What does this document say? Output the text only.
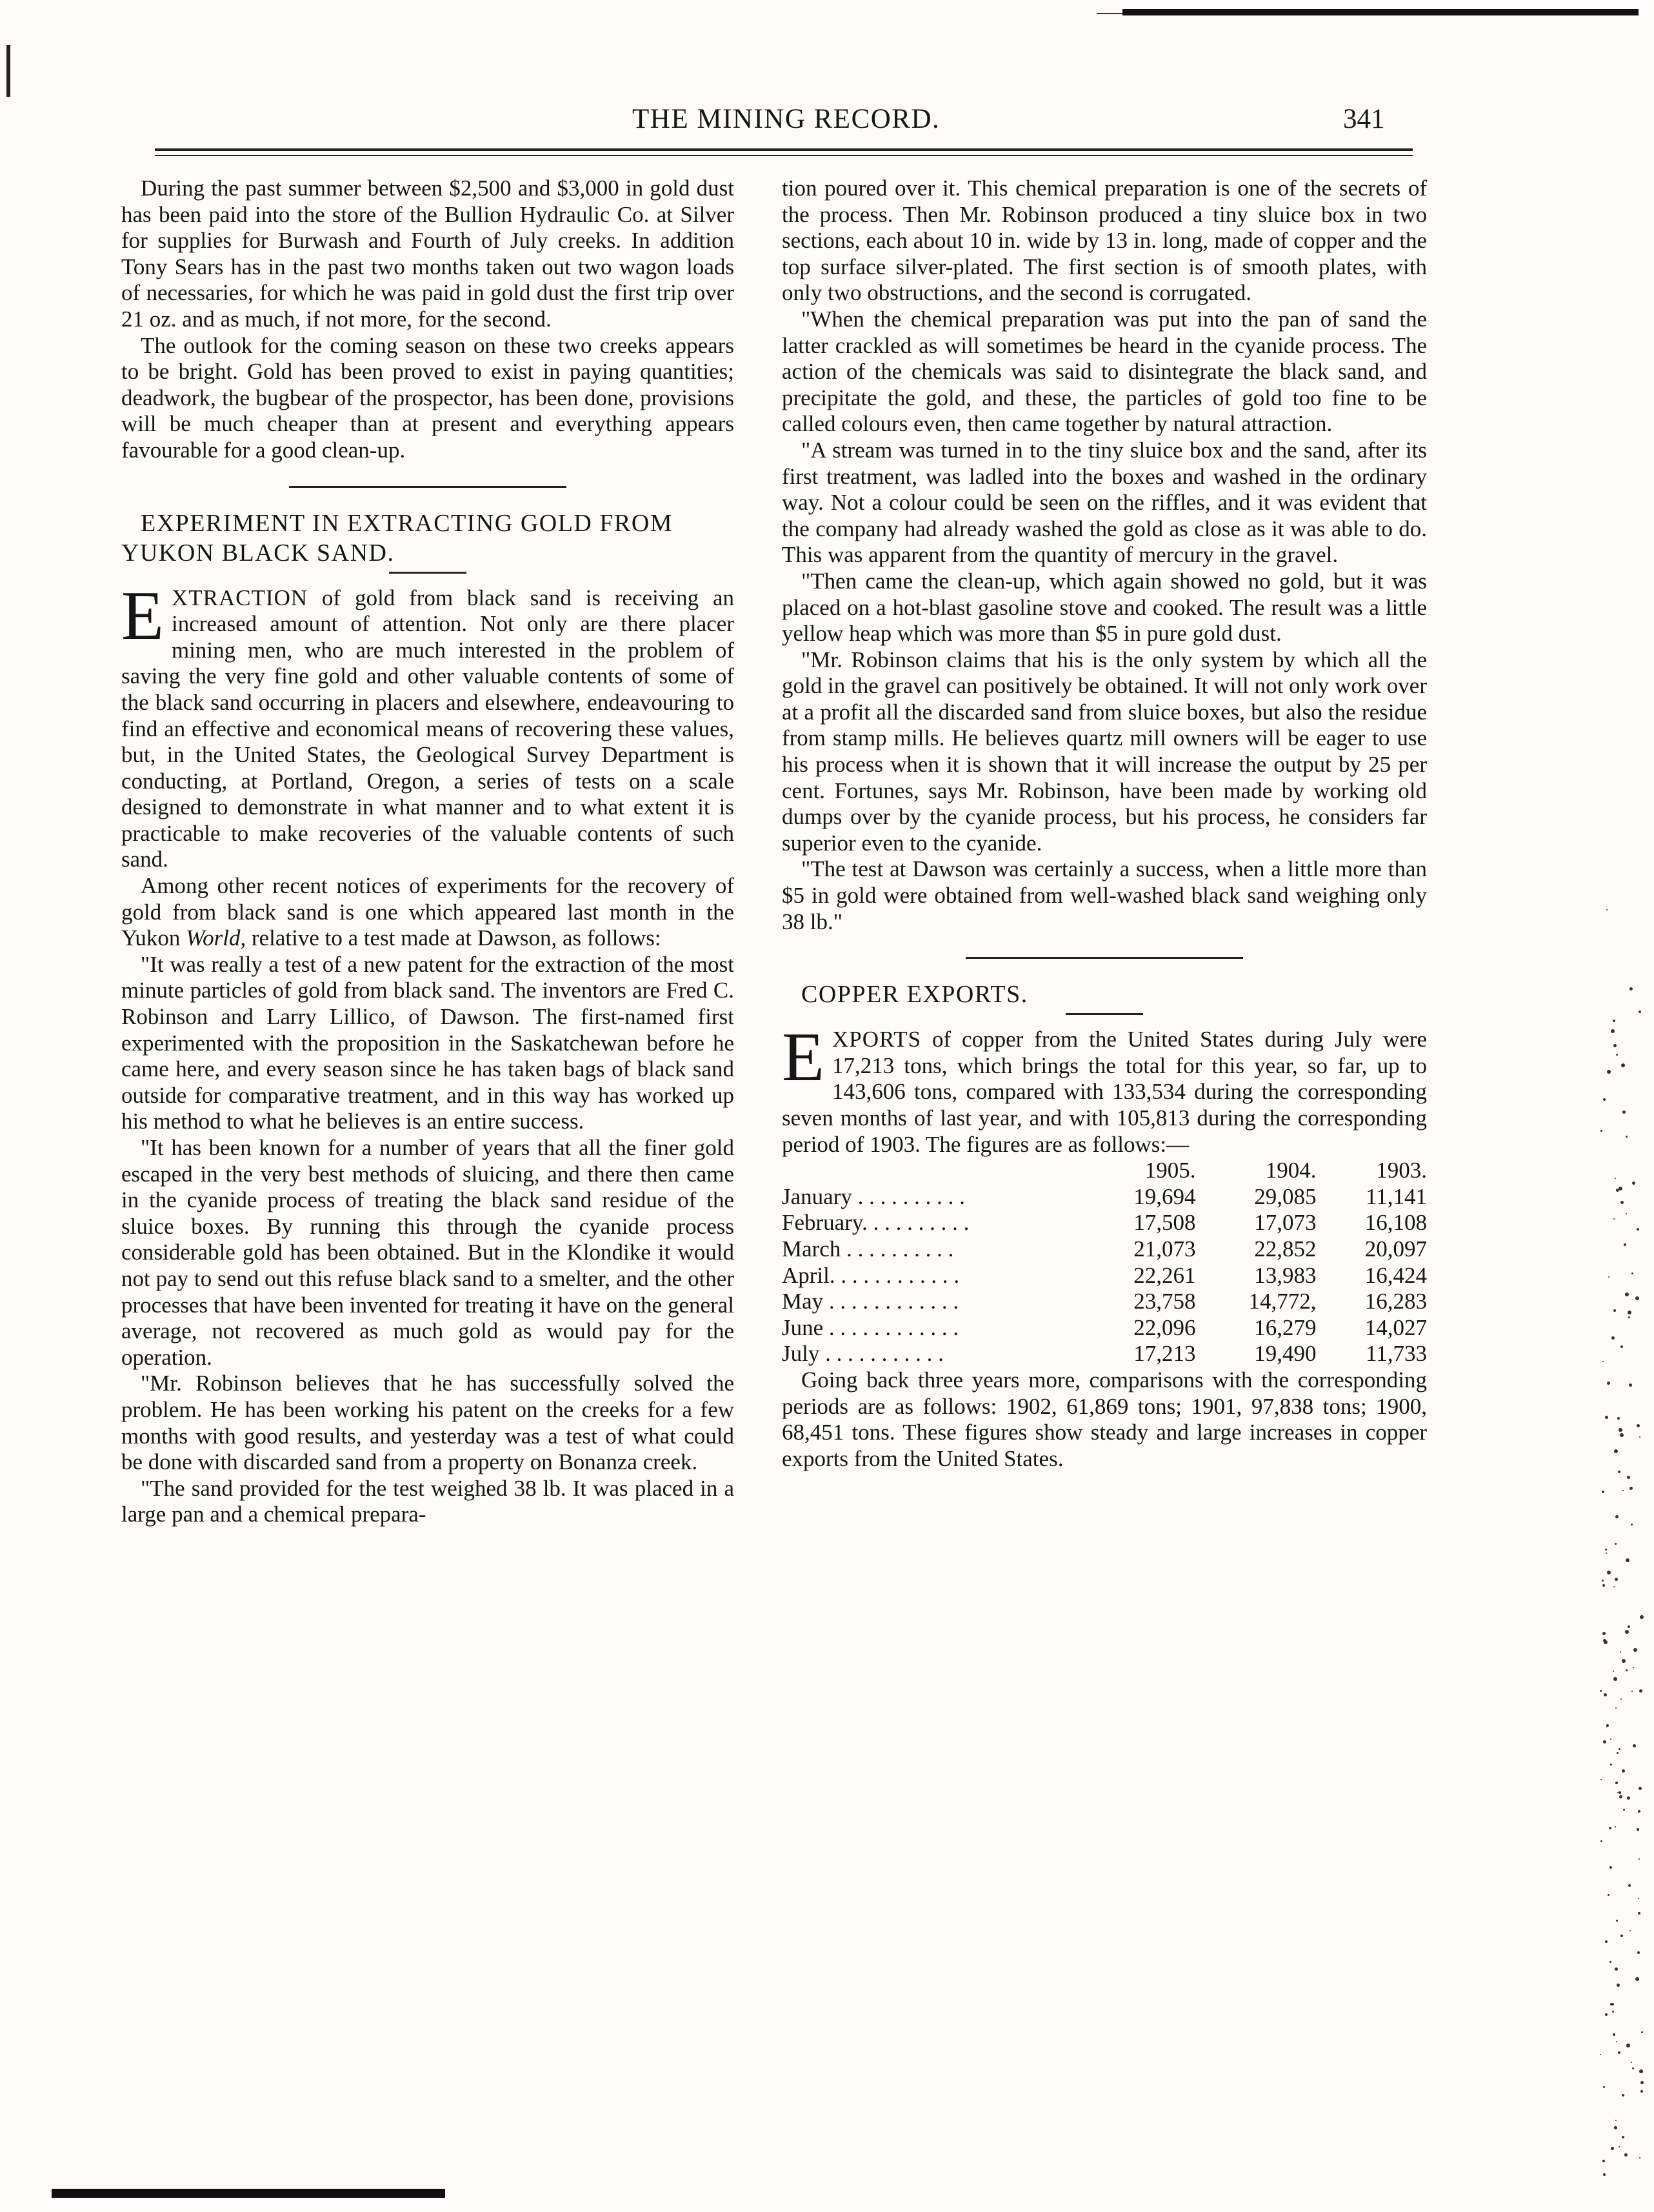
THE MINING RECORD.	341

During the past summer between $2,500 and $3,000 in gold dust has been paid into the store of the Bullion Hydraulic Co. at Silver for supplies for Burwash and Fourth of July creeks. In addition Tony Sears has in the past two months taken out two wagon loads of necessaries, for which he was paid in gold dust the first trip over 21 oz. and as much, if not more, for the second.

The outlook for the coming season on these two creeks appears to be bright. Gold has been proved to exist in paying quantities; deadwork, the bugbear of the prospector, has been done, provisions will be much cheaper than at present and everything appears favourable for a good clean-up.

EXPERIMENT IN EXTRACTING GOLD FROM
YUKON BLACK SAND.

EXTRACTION of gold from black sand is receiving an increased amount of attention. Not only are there placer mining men, who are much interested in the problem of saving the very fine gold and other valuable contents of some of the black sand occurring in placers and elsewhere, endeavouring to find an effective and economical means of recovering these values, but, in the United States, the Geological Survey Department is conducting, at Portland, Oregon, a series of tests on a scale designed to demonstrate in what manner and to what extent it is practicable to make recoveries of the valuable contents of such sand.

Among other recent notices of experiments for the recovery of gold from black sand is one which appeared last month in the Yukon World, relative to a test made at Dawson, as follows:

"It was really a test of a new patent for the extraction of the most minute particles of gold from black sand. The inventors are Fred C. Robinson and Larry Lillico, of Dawson. The first-named first experimented with the proposition in the Saskatchewan before he came here, and every season since he has taken bags of black sand outside for comparative treatment, and in this way has worked up his method to what he believes is an entire success.

"It has been known for a number of years that all the finer gold escaped in the very best methods of sluicing, and there then came in the cyanide process of treating the black sand residue of the sluice boxes. By running this through the cyanide process considerable gold has been obtained. But in the Klondike it would not pay to send out this refuse black sand to a smelter, and the other processes that have been invented for treating it have on the general average, not recovered as much gold as would pay for the operation.

"Mr. Robinson believes that he has successfully solved the problem. He has been working his patent on the creeks for a few months with good results, and yesterday was a test of what could be done with discarded sand from a property on Bonanza creek.

"The sand provided for the test weighed 38 lb. It was placed in a large pan and a chemical prepara-

tion poured over it. This chemical preparation is one of the secrets of the process. Then Mr. Robinson produced a tiny sluice box in two sections, each about 10 in. wide by 13 in. long, made of copper and the top surface silver-plated. The first section is of smooth plates, with only two obstructions, and the second is corrugated.

"When the chemical preparation was put into the pan of sand the latter crackled as will sometimes be heard in the cyanide process. The action of the chemicals was said to disintegrate the black sand, and precipitate the gold, and these, the particles of gold too fine to be called colours even, then came together by natural attraction.

"A stream was turned in to the tiny sluice box and the sand, after its first treatment, was ladled into the boxes and washed in the ordinary way. Not a colour could be seen on the riffles, and it was evident that the company had already washed the gold as close as it was able to do. This was apparent from the quantity of mercury in the gravel.

"Then came the clean-up, which again showed no gold, but it was placed on a hot-blast gasoline stove and cooked. The result was a little yellow heap which was more than $5 in pure gold dust.

"Mr. Robinson claims that his is the only system by which all the gold in the gravel can positively be obtained. It will not only work over at a profit all the discarded sand from sluice boxes, but also the residue from stamp mills. He believes quartz mill owners will be eager to use his process when it is shown that it will increase the output by 25 per cent. Fortunes, says Mr. Robinson, have been made by working old dumps over by the cyanide process, but his process, he considers far superior even to the cyanide.

"The test at Dawson was certainly a success, when a little more than $5 in gold were obtained from well-washed black sand weighing only 38 lb."

COPPER EXPORTS.

EXPORTS of copper from the United States during July were 17,213 tons, which brings the total for this year, so far, up to 143,606 tons, compared with 133,534 during the corresponding seven months of last year, and with 105,813 during the corresponding period of 1903. The figures are as follows:—

	1905.	1904.	1903.
January . . . . . . . . . .	19,694	29,085	11,141
February. . . . . . . . . .	17,508	17,073	16,108
March . . . . . . . . . .	21,073	22,852	20,097
April. . . . . . . . . . . .	22,261	13,983	16,424
May . . . . . . . . . . . .	23,758	14,772,	16,283
June . . . . . . . . . . . .	22,096	16,279	14,027
July . . . . . . . . . . .	17,213	19,490	11,733

Going back three years more, comparisons with the corresponding periods are as follows: 1902, 61,869 tons; 1901, 97,838 tons; 1900, 68,451 tons. These figures show steady and large increases in copper exports from the United States.
